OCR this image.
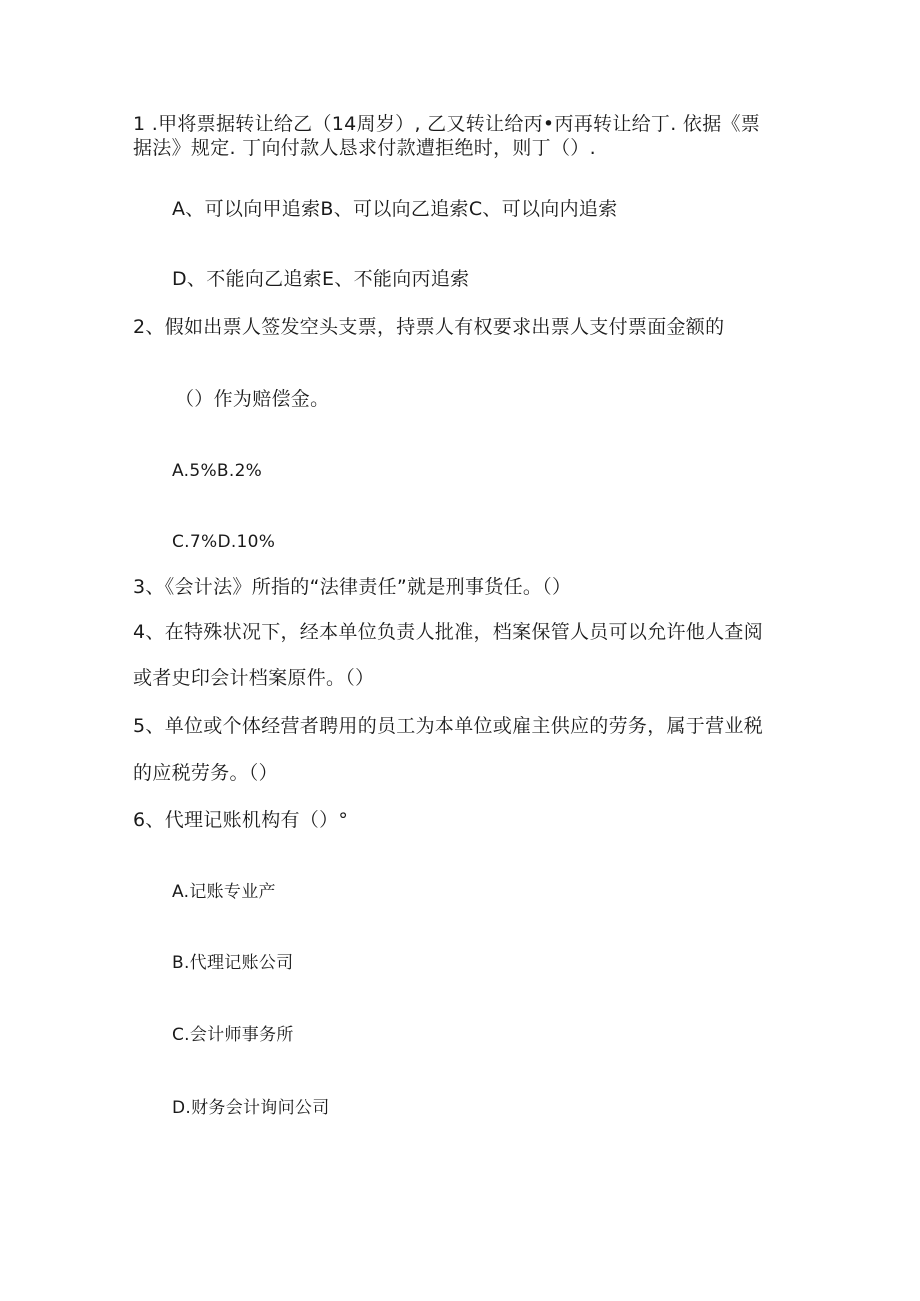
1 .甲将票据转让给乙（14周岁）, 乙又转让给丙•丙再转让给丁. 依据《票
据法》规定. 丁向付款人恳求付款遭拒绝时，则丁（）.
A、可以向甲追索B、可以向乙追索C、可以向内追索
D、不能向乙追索E、不能向丙追索
2、假如出票人签发空头支票，持票人有权要求出票人支付票面金额的
（）作为赔偿金。
A.5%B.2%
C.7%D.10%
3、《会计法》所指的“法律责任”就是刑事货任。（）
4、在特殊状况下，经本单位负责人批准，档案保管人员可以允许他人查阅
或者史印会计档案原件。（）
5、单位或个体经营者聘用的员工为本单位或雇主供应的劳务，属于营业税
的应税劳务。（）
6、代理记账机构有（）°
A.记账专业产
B.代理记账公司
C.会计师事务所
D.财务会计询问公司
